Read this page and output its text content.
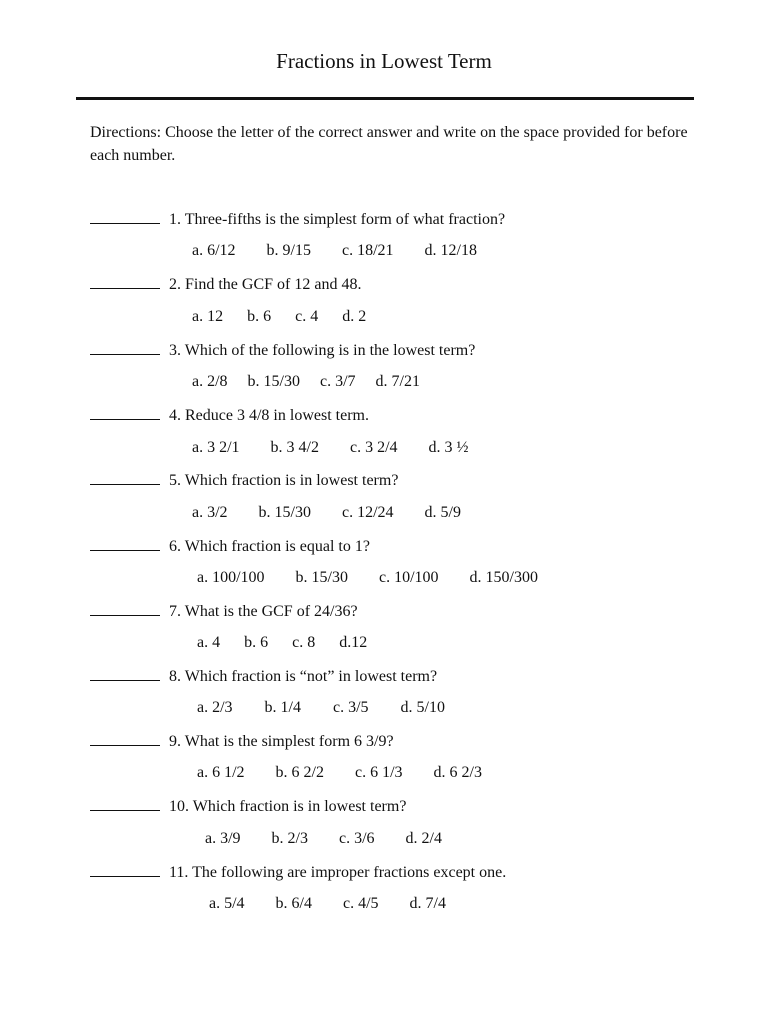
Fractions in Lowest Term
Directions: Choose the letter of the correct answer and write on the space provided for before each number.
1. Three-fifths is the simplest form of what fraction?
a. 6/12 b. 9/15 c. 18/21 d. 12/18
2. Find the GCF of 12 and 48.
a. 12 b. 6 c. 4 d. 2
3. Which of the following is in the lowest term?
a. 2/8 b. 15/30 c. 3/7 d. 7/21
4. Reduce 3 4/8 in lowest term.
a. 3 2/1 b. 3 4/2 c. 3 2/4 d. 3 ½
5. Which fraction is in lowest term?
a. 3/2 b. 15/30 c. 12/24 d. 5/9
6. Which fraction is equal to 1?
a. 100/100 b. 15/30 c. 10/100 d. 150/300
7. What is the GCF of 24/36?
a. 4 b. 6 c. 8 d.12
8. Which fraction is “not” in lowest term?
a. 2/3 b. 1/4 c. 3/5 d. 5/10
9. What is the simplest form 6 3/9?
a. 6 1/2 b. 6 2/2 c. 6 1/3 d. 6 2/3
10. Which fraction is in lowest term?
a. 3/9 b. 2/3 c. 3/6 d. 2/4
11. The following are improper fractions except one.
a. 5/4 b. 6/4 c. 4/5 d. 7/4
